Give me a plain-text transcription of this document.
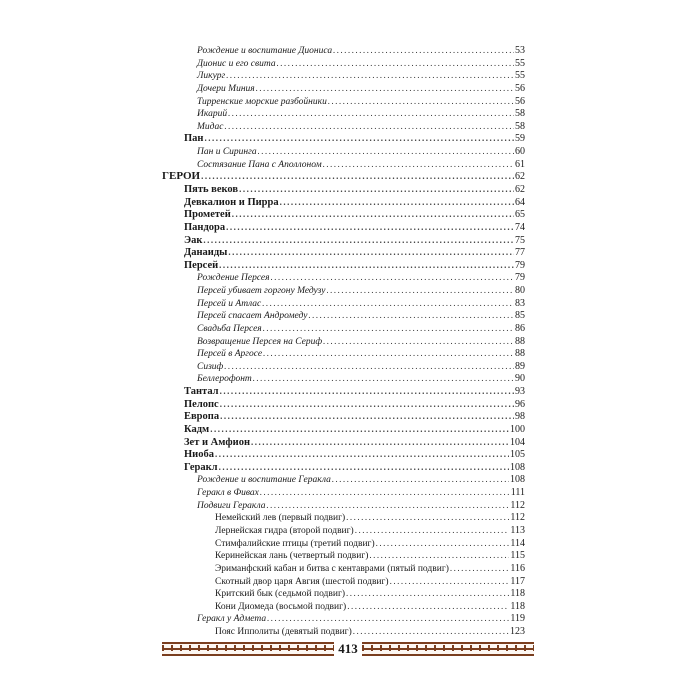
Рождение и воспитание Диониса .....	53
Дионис и его свита .....	55
Ликург .....	55
Дочери Миния .....	56
Тирренские морские разбойники .....	56
Икарий .....	58
Мидас .....	58
Пан .....	59
Пан и Сиринга .....	60
Состязание Пана с Аполлоном .....	61
ГЕРОИ .....	62
Пять веков .....	62
Девкалион и Пирра .....	64
Прометей .....	65
Пандора .....	74
Эак .....	75
Данаиды .....	77
Персей .....	79
Рождение Персея .....	79
Персей убивает горгону Медузу .....	80
Персей и Атлас .....	83
Персей спасает Андромеду .....	85
Свадьба Персея .....	86
Возвращение Персея на Сериф .....	88
Персей в Аргосе .....	88
Сизиф .....	89
Беллерофонт .....	90
Тантал .....	93
Пелопс .....	96
Европа .....	98
Кадм .....	100
Зет и Амфион .....	104
Ниоба .....	105
Геракл .....	108
Рождение и воспитание Геракла .....	108
Геракл в Фивах .....	111
Подвиги Геракла .....	112
Немейский лев (первый подвиг) .....	112
Лернейская гидра (второй подвиг) .....	113
Стимфалийские птицы (третий подвиг) .....	114
Керинейская лань (четвертый подвиг) .....	115
Эриманфский кабан и битва с кентаврами (пятый подвиг) .....	116
Скотный двор царя Авгия (шестой подвиг) .....	117
Критский бык (седьмой подвиг) .....	118
Кони Диомеда (восьмой подвиг) .....	118
Геракл у Адмета .....	119
Пояс Ипполиты (девятый подвиг) .....	123
413
